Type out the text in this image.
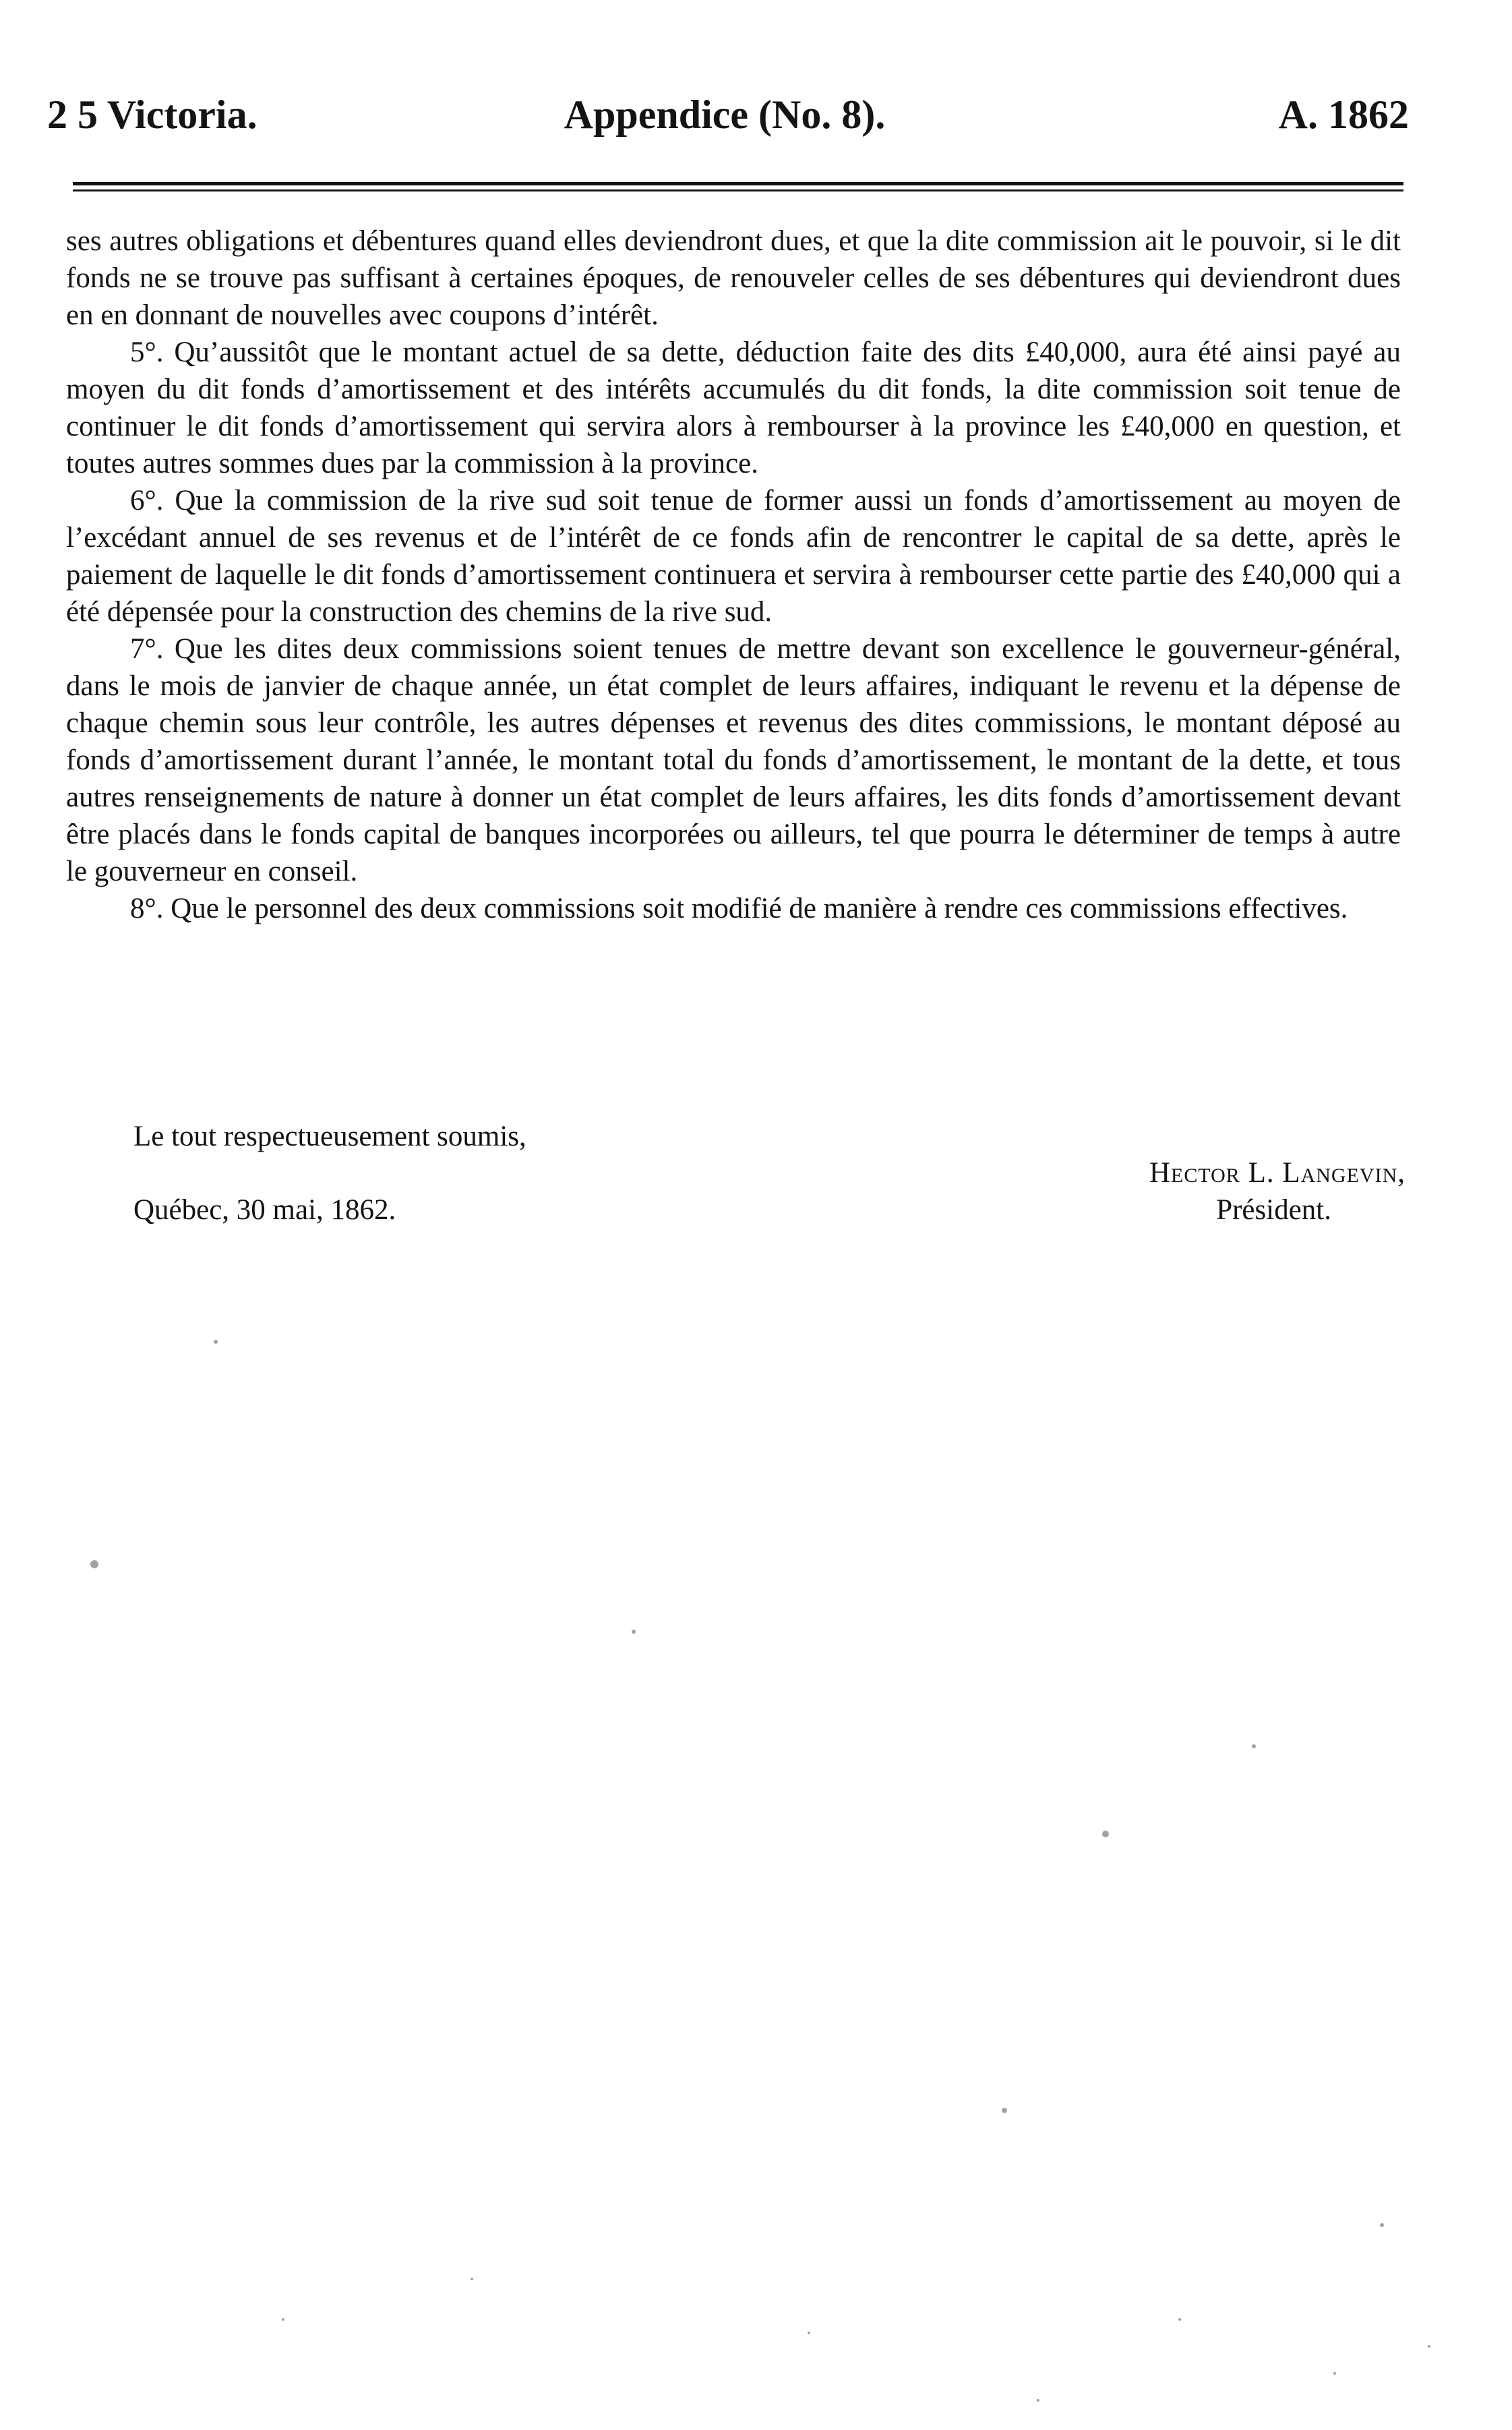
2 5 Victoria.	Appendice (No. 8).	A. 1862

ses autres obligations et débentures quand elles deviendront dues, et que la dite commission ait le pouvoir, si le dit fonds ne se trouve pas suffisant à certaines époques, de renouveler celles de ses débentures qui deviendront dues en en donnant de nouvelles avec coupons d’intérêt.

5°. Qu’aussitôt que le montant actuel de sa dette, déduction faite des dits £40,000, aura été ainsi payé au moyen du dit fonds d’amortissement et des intérêts accumulés du dit fonds, la dite commission soit tenue de continuer le dit fonds d’amortissement qui servira alors à rembourser à la province les £40,000 en question, et toutes autres sommes dues par la commission à la province.

6°. Que la commission de la rive sud soit tenue de former aussi un fonds d’amortissement au moyen de l’excédant annuel de ses revenus et de l’intérêt de ce fonds afin de rencontrer le capital de sa dette, après le paiement de laquelle le dit fonds d’amortissement continuera et servira à rembourser cette partie des £40,000 qui a été dépensée pour la construction des chemins de la rive sud.

7°. Que les dites deux commissions soient tenues de mettre devant son excellence le gouverneur-général, dans le mois de janvier de chaque année, un état complet de leurs affaires, indiquant le revenu et la dépense de chaque chemin sous leur contrôle, les autres dépenses et revenus des dites commissions, le montant déposé au fonds d’amortissement durant l’année, le montant total du fonds d’amortissement, le montant de la dette, et tous autres renseignements de nature à donner un état complet de leurs affaires, les dits fonds d’amortissement devant être placés dans le fonds capital de banques incorporées ou ailleurs, tel que pourra le déterminer de temps à autre le gouverneur en conseil.

8°. Que le personnel des deux commissions soit modifié de manière à rendre ces commissions effectives.

Le tout respectueusement soumis,
Hector L. Langevin,
Président.
Québec, 30 mai, 1862.
